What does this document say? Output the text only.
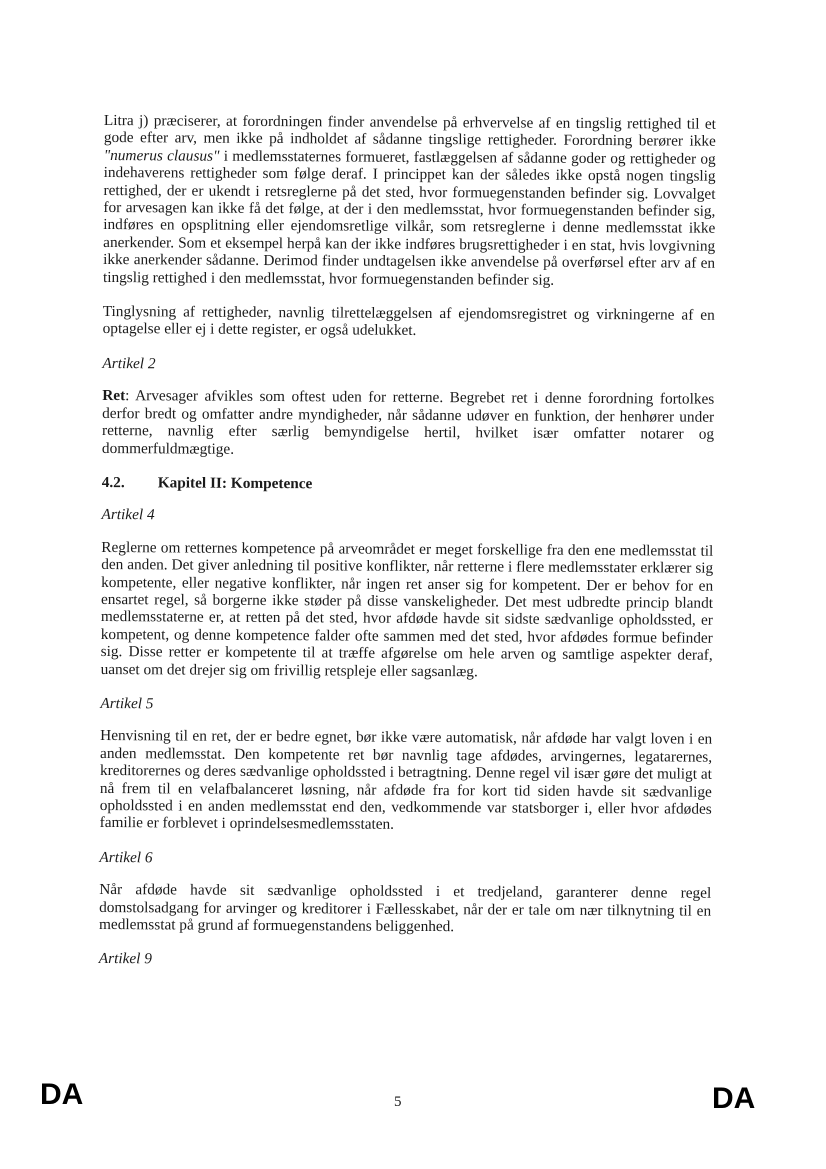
Litra j) præciserer, at forordningen finder anvendelse på erhvervelse af en tingslig rettighed til et gode efter arv, men ikke på indholdet af sådanne tingslige rettigheder. Forordning berører ikke "numerus clausus" i medlemsstaternes formueret, fastlæggelsen af sådanne goder og rettigheder og indehaverens rettigheder som følge deraf. I princippet kan der således ikke opstå nogen tingslig rettighed, der er ukendt i retsreglerne på det sted, hvor formuegenstanden befinder sig. Lovvalget for arvesagen kan ikke få det følge, at der i den medlemsstat, hvor formuegenstanden befinder sig, indføres en opsplitning eller ejendomsretlige vilkår, som retsreglerne i denne medlemsstat ikke anerkender. Som et eksempel herpå kan der ikke indføres brugsrettigheder i en stat, hvis lovgivning ikke anerkender sådanne. Derimod finder undtagelsen ikke anvendelse på overførsel efter arv af en tingslig rettighed i den medlemsstat, hvor formuegenstanden befinder sig.

Tinglysning af rettigheder, navnlig tilrettelæggelsen af ejendomsregistret og virkningerne af en optagelse eller ej i dette register, er også udelukket.

Artikel 2

Ret: Arvesager afvikles som oftest uden for retterne. Begrebet ret i denne forordning fortolkes derfor bredt og omfatter andre myndigheder, når sådanne udøver en funktion, der henhører under retterne, navnlig efter særlig bemyndigelse hertil, hvilket især omfatter notarer og dommerfuldmægtige.

4.2. Kapitel II: Kompetence

Artikel 4

Reglerne om retternes kompetence på arveområdet er meget forskellige fra den ene medlemsstat til den anden. Det giver anledning til positive konflikter, når retterne i flere medlemsstater erklærer sig kompetente, eller negative konflikter, når ingen ret anser sig for kompetent. Der er behov for en ensartet regel, så borgerne ikke støder på disse vanskeligheder. Det mest udbredte princip blandt medlemsstaterne er, at retten på det sted, hvor afdøde havde sit sidste sædvanlige opholdssted, er kompetent, og denne kompetence falder ofte sammen med det sted, hvor afdødes formue befinder sig. Disse retter er kompetente til at træffe afgørelse om hele arven og samtlige aspekter deraf, uanset om det drejer sig om frivillig retspleje eller sagsanlæg.

Artikel 5

Henvisning til en ret, der er bedre egnet, bør ikke være automatisk, når afdøde har valgt loven i en anden medlemsstat. Den kompetente ret bør navnlig tage afdødes, arvingernes, legatarernes, kreditorernes og deres sædvanlige opholdssted i betragtning. Denne regel vil især gøre det muligt at nå frem til en velafbalanceret løsning, når afdøde fra for kort tid siden havde sit sædvanlige opholdssted i en anden medlemsstat end den, vedkommende var statsborger i, eller hvor afdødes familie er forblevet i oprindelsesmedlemsstaten.

Artikel 6

Når afdøde havde sit sædvanlige opholdssted i et tredjeland, garanterer denne regel domstolsadgang for arvinger og kreditorer i Fællesskabet, når der er tale om nær tilknytning til en medlemsstat på grund af formuegenstandens beliggenhed.

Artikel 9

DA	5	DA
